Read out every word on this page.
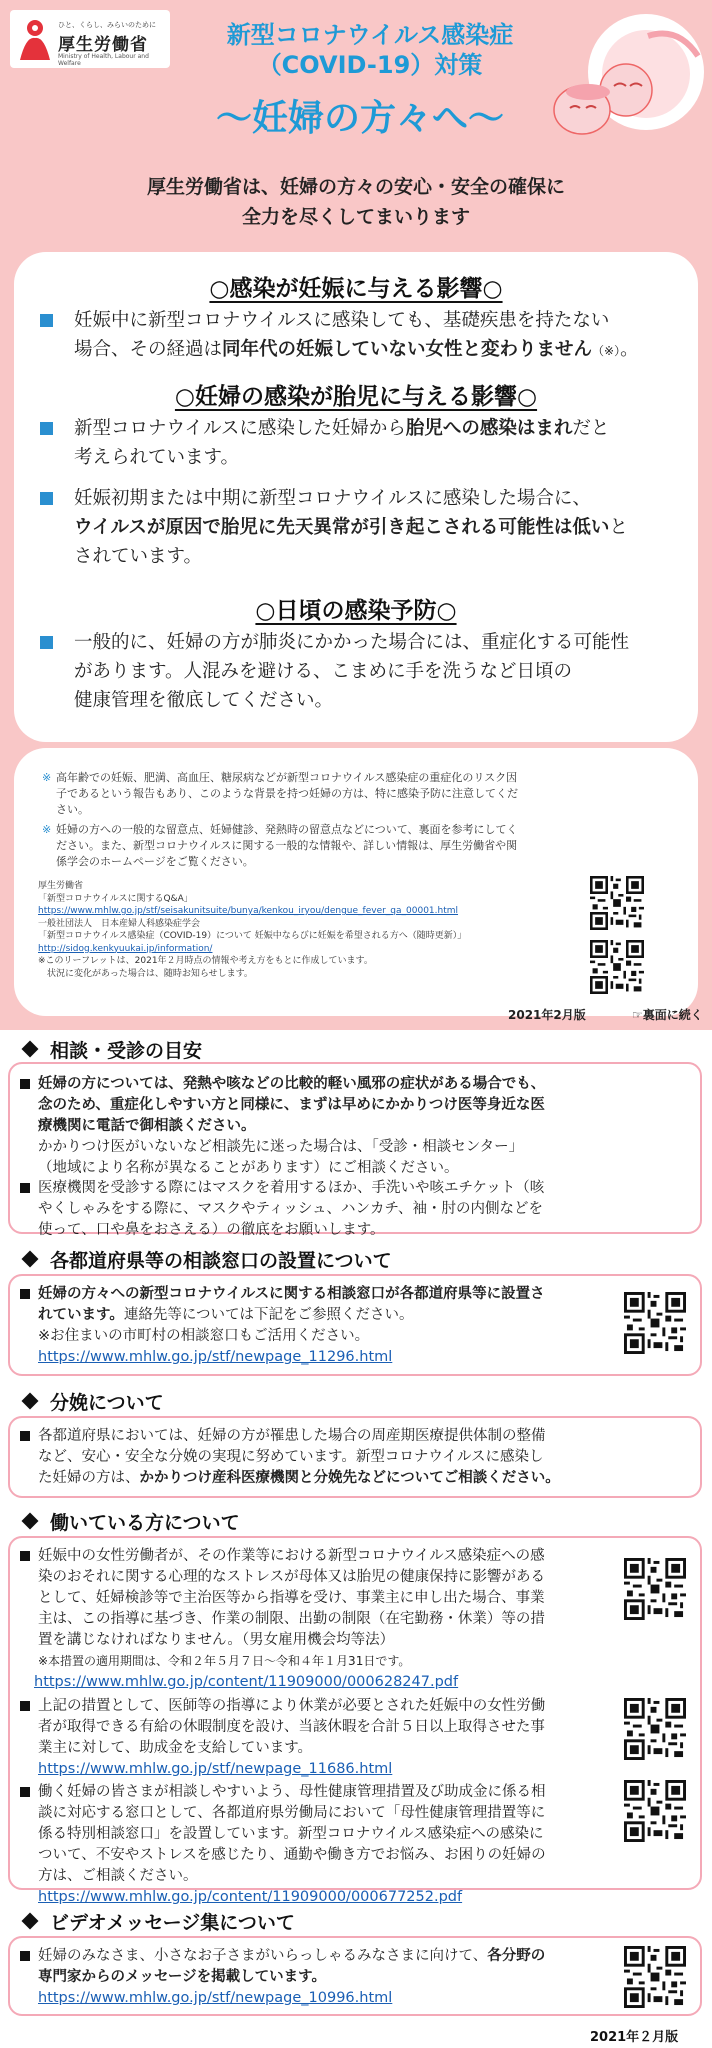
ひと、くらし、みらいのために
厚生労働省
Ministry of Health, Labour and Welfare
新型コロナウイルス感染症
（COVID-19）対策
～妊婦の方々へ～
厚生労働省は、妊婦の方々の安心・安全の確保に
全力を尽くしてまいります
○感染が妊娠に与える影響○
妊娠中に新型コロナウイルスに感染しても、基礎疾患を持たない
場合、その経過は同年代の妊娠していない女性と変わりません（※）。
○妊婦の感染が胎児に与える影響○
新型コロナウイルスに感染した妊婦から胎児への感染はまれだと
考えられています。
妊娠初期または中期に新型コロナウイルスに感染した場合に、
ウイルスが原因で胎児に先天異常が引き起こされる可能性は低いと
されています。
○日頃の感染予防○
一般的に、妊婦の方が肺炎にかかった場合には、重症化する可能性
があります。人混みを避ける、こまめに手を洗うなど日頃の
健康管理を徹底してください。
※ 高年齢での妊娠、肥満、高血圧、糖尿病などが新型コロナウイルス感染症の重症化のリスク因
子であるという報告もあり、このような背景を持つ妊婦の方は、特に感染予防に注意してくだ
さい。
※ 妊婦の方への一般的な留意点、妊婦健診、発熱時の留意点などについて、裏面を参考にしてく
ださい。また、新型コロナウイルスに関する一般的な情報や、詳しい情報は、厚生労働省や関
係学会のホームページをご覧ください。
厚生労働省
「新型コロナウイルスに関するQ&A」
https://www.mhlw.go.jp/stf/seisakunitsuite/bunya/kenkou_iryou/dengue_fever_qa_00001.html
一般社団法人　日本産婦人科感染症学会
「新型コロナウイルス感染症（COVID-19）について 妊娠中ならびに妊娠を希望される方へ（随時更新）」
http://sidog.kenkyuukai.jp/information/
※このリーフレットは、2021年２月時点の情報や考え方をもとに作成しています。
　状況に変化があった場合は、随時お知らせします。
2021年2月版	☞裏面に続く
相談・受診の目安
妊婦の方については、発熱や咳などの比較的軽い風邪の症状がある場合でも、
念のため、重症化しやすい方と同様に、まずは早めにかかりつけ医等身近な医
療機関に電話で御相談ください。
かかりつけ医がいないなど相談先に迷った場合は、「受診・相談センター」
（地域により名称が異なることがあります）にご相談ください。
医療機関を受診する際にはマスクを着用するほか、手洗いや咳エチケット（咳
やくしゃみをする際に、マスクやティッシュ、ハンカチ、袖・肘の内側などを
使って、口や鼻をおさえる）の徹底をお願いします。
各都道府県等の相談窓口の設置について
妊婦の方々への新型コロナウイルスに関する相談窓口が各都道府県等に設置さ
れています。連絡先等については下記をご参照ください。
※お住まいの市町村の相談窓口もご活用ください。
https://www.mhlw.go.jp/stf/newpage_11296.html
分娩について
各都道府県においては、妊婦の方が罹患した場合の周産期医療提供体制の整備
など、安心・安全な分娩の実現に努めています。新型コロナウイルスに感染し
た妊婦の方は、かかりつけ産科医療機関と分娩先などについてご相談ください。
働いている方について
妊娠中の女性労働者が、その作業等における新型コロナウイルス感染症への感
染のおそれに関する心理的なストレスが母体又は胎児の健康保持に影響がある
として、妊婦検診等で主治医等から指導を受け、事業主に申し出た場合、事業
主は、この指導に基づき、作業の制限、出勤の制限（在宅勤務・休業）等の措
置を講じなければなりません。（男女雇用機会均等法）
※本措置の適用期間は、令和２年５月７日～令和４年１月31日です。
https://www.mhlw.go.jp/content/11909000/000628247.pdf
上記の措置として、医師等の指導により休業が必要とされた妊娠中の女性労働
者が取得できる有給の休暇制度を設け、当該休暇を合計５日以上取得させた事
業主に対して、助成金を支給しています。
https://www.mhlw.go.jp/stf/newpage_11686.html
働く妊婦の皆さまが相談しやすいよう、母性健康管理措置及び助成金に係る相
談に対応する窓口として、各都道府県労働局において「母性健康管理措置等に
係る特別相談窓口」を設置しています。新型コロナウイルス感染症への感染に
ついて、不安やストレスを感じたり、通勤や働き方でお悩み、お困りの妊婦の
方は、ご相談ください。
https://www.mhlw.go.jp/content/11909000/000677252.pdf
ビデオメッセージ集について
妊婦のみなさま、小さなお子さまがいらっしゃるみなさまに向けて、各分野の
専門家からのメッセージを掲載しています。
https://www.mhlw.go.jp/stf/newpage_10996.html
2021年２月版
